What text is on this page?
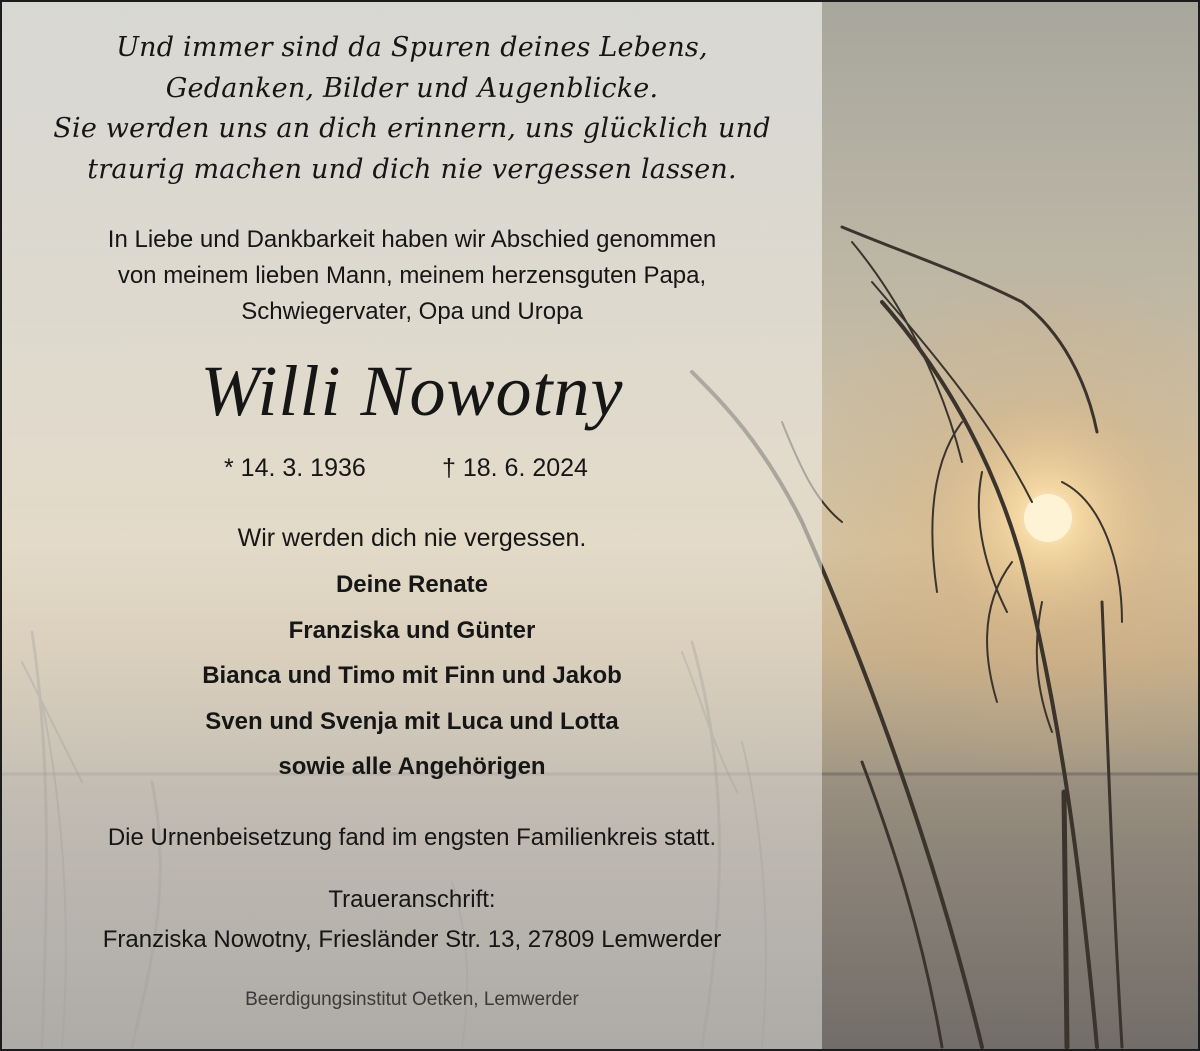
Und immer sind da Spuren deines Lebens,
Gedanken, Bilder und Augenblicke.
Sie werden uns an dich erinnern, uns glücklich und
traurig machen und dich nie vergessen lassen.
In Liebe und Dankbarkeit haben wir Abschied genommen
von meinem lieben Mann, meinem herzensguten Papa,
Schwiegervater, Opa und Uropa
Willi Nowotny
* 14. 3. 1936	† 18. 6. 2024
Wir werden dich nie vergessen.
Deine Renate
Franziska und Günter
Bianca und Timo mit Finn und Jakob
Sven und Svenja mit Luca und Lotta
sowie alle Angehörigen
Die Urnenbeisetzung fand im engsten Familienkreis statt.
Traueranschrift:
Franziska Nowotny, Friesländer Str. 13, 27809 Lemwerder
Beerdigungsinstitut Oetken, Lemwerder
